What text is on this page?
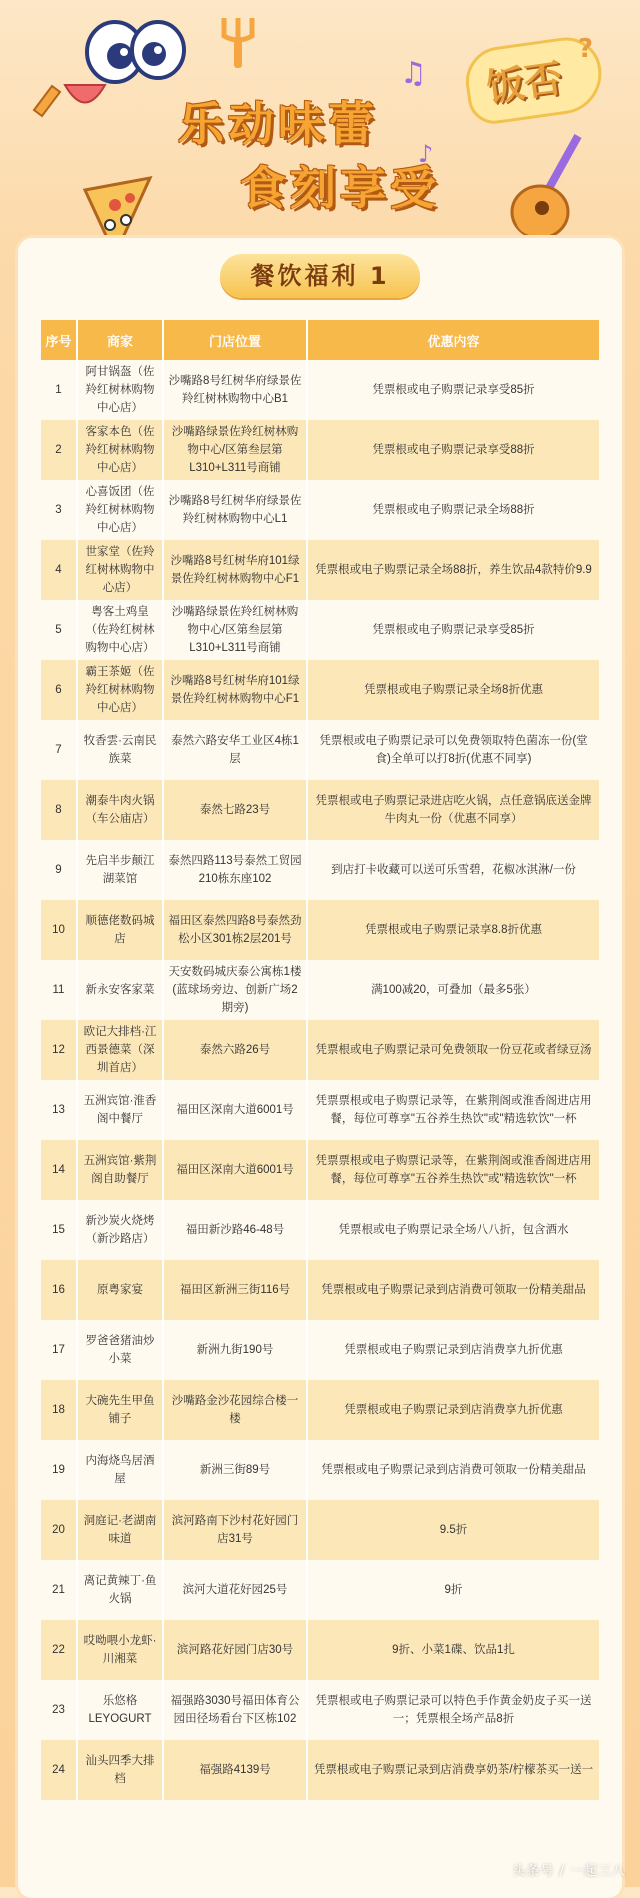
♫
♪
乐动味蕾
食刻享受
饭否
?
餐饮福利 1
序号	商家	门店位置	优惠内容
1	阿甘锅盔（佐羚红树林购物中心店）	沙嘴路8号红树华府绿景佐羚红树林购物中心B1	凭票根或电子购票记录享受85折
2	客家本色（佐羚红树林购物中心店）	沙嘴路绿景佐羚红树林购物中心/区第叁层第L310+L311号商铺	凭票根或电子购票记录享受88折
3	心喜饭团（佐羚红树林购物中心店）	沙嘴路8号红树华府绿景佐羚红树林购物中心L1	凭票根或电子购票记录全场88折
4	世家堂（佐羚红树林购物中心店）	沙嘴路8号红树华府101绿景佐羚红树林购物中心F1	凭票根或电子购票记录全场88折，养生饮品4款特价9.9
5	粤客土鸡皇（佐羚红树林购物中心店）	沙嘴路绿景佐羚红树林购物中心/区第叁层第L310+L311号商铺	凭票根或电子购票记录享受85折
6	霸王茶姬（佐羚红树林购物中心店）	沙嘴路8号红树华府101绿景佐羚红树林购物中心F1	凭票根或电子购票记录全场8折优惠
7	牧香雲·云南民族菜	泰然六路安华工业区4栋1层	凭票根或电子购票记录可以免费领取特色菌冻一份(堂食)全单可以打8折(优惠不同享)
8	潮泰牛肉火锅（车公庙店）	泰然七路23号	凭票根或电子购票记录进店吃火锅，点任意锅底送金牌牛肉丸一份（优惠不同享）
9	先启半步颠江湖菜馆	泰然四路113号泰然工贸园210栋东座102	到店打卡收藏可以送可乐雪碧，花椒冰淇淋/一份
10	顺德佬数码城店	福田区泰然四路8号泰然劲松小区301栋2层201号	凭票根或电子购票记录享8.8折优惠
11	新永安客家菜	天安数码城庆泰公寓栋1楼(蓝球场旁边、创新广场2期旁)	满100减20，可叠加（最多5张）
12	欧记大排档·江西景德菜（深圳首店）	泰然六路26号	凭票根或电子购票记录可免费领取一份豆花或者绿豆汤
13	五洲宾馆·淮香阁中餐厅	福田区深南大道6001号	凭票票根或电子购票记录等，在紫荆阁或淮香阁进店用餐，每位可尊享"五谷养生热饮"或"精选软饮"一杯
14	五洲宾馆·紫荆阁自助餐厅	福田区深南大道6001号	凭票票根或电子购票记录等，在紫荆阁或淮香阁进店用餐，每位可尊享"五谷养生热饮"或"精选软饮"一杯
15	新沙炭火烧烤（新沙路店）	福田新沙路46-48号	凭票根或电子购票记录全场八八折，包含酒水
16	原粤家宴	福田区新洲三街116号	凭票根或电子购票记录到店消费可领取一份精美甜品
17	罗爸爸猪油炒小菜	新洲九街190号	凭票根或电子购票记录到店消费享九折优惠
18	大碗先生甲鱼铺子	沙嘴路金沙花园综合楼一楼	凭票根或电子购票记录到店消费享九折优惠
19	内海烧鸟居酒屋	新洲三街89号	凭票根或电子购票记录到店消费可领取一份精美甜品
20	洞庭记·老湖南味道	滨河路南下沙村花好园门店31号	9.5折
21	离记黄辣丁·鱼火锅	滨河大道花好园25号	9折
22	哎呦喂小龙虾·川湘菜	滨河路花好园门店30号	9折、小菜1碟、饮品1扎
23	乐悠格LEYOGURT	福强路3030号福田体育公园田径场看台下区栋102	凭票根或电子购票记录可以特色手作黄金奶皮子买一送一；凭票根全场产品8折
24	汕头四季大排档	福强路4139号	凭票根或电子购票记录到店消费享奶茶/柠檬茶买一送一
头条号 / 一起三八
